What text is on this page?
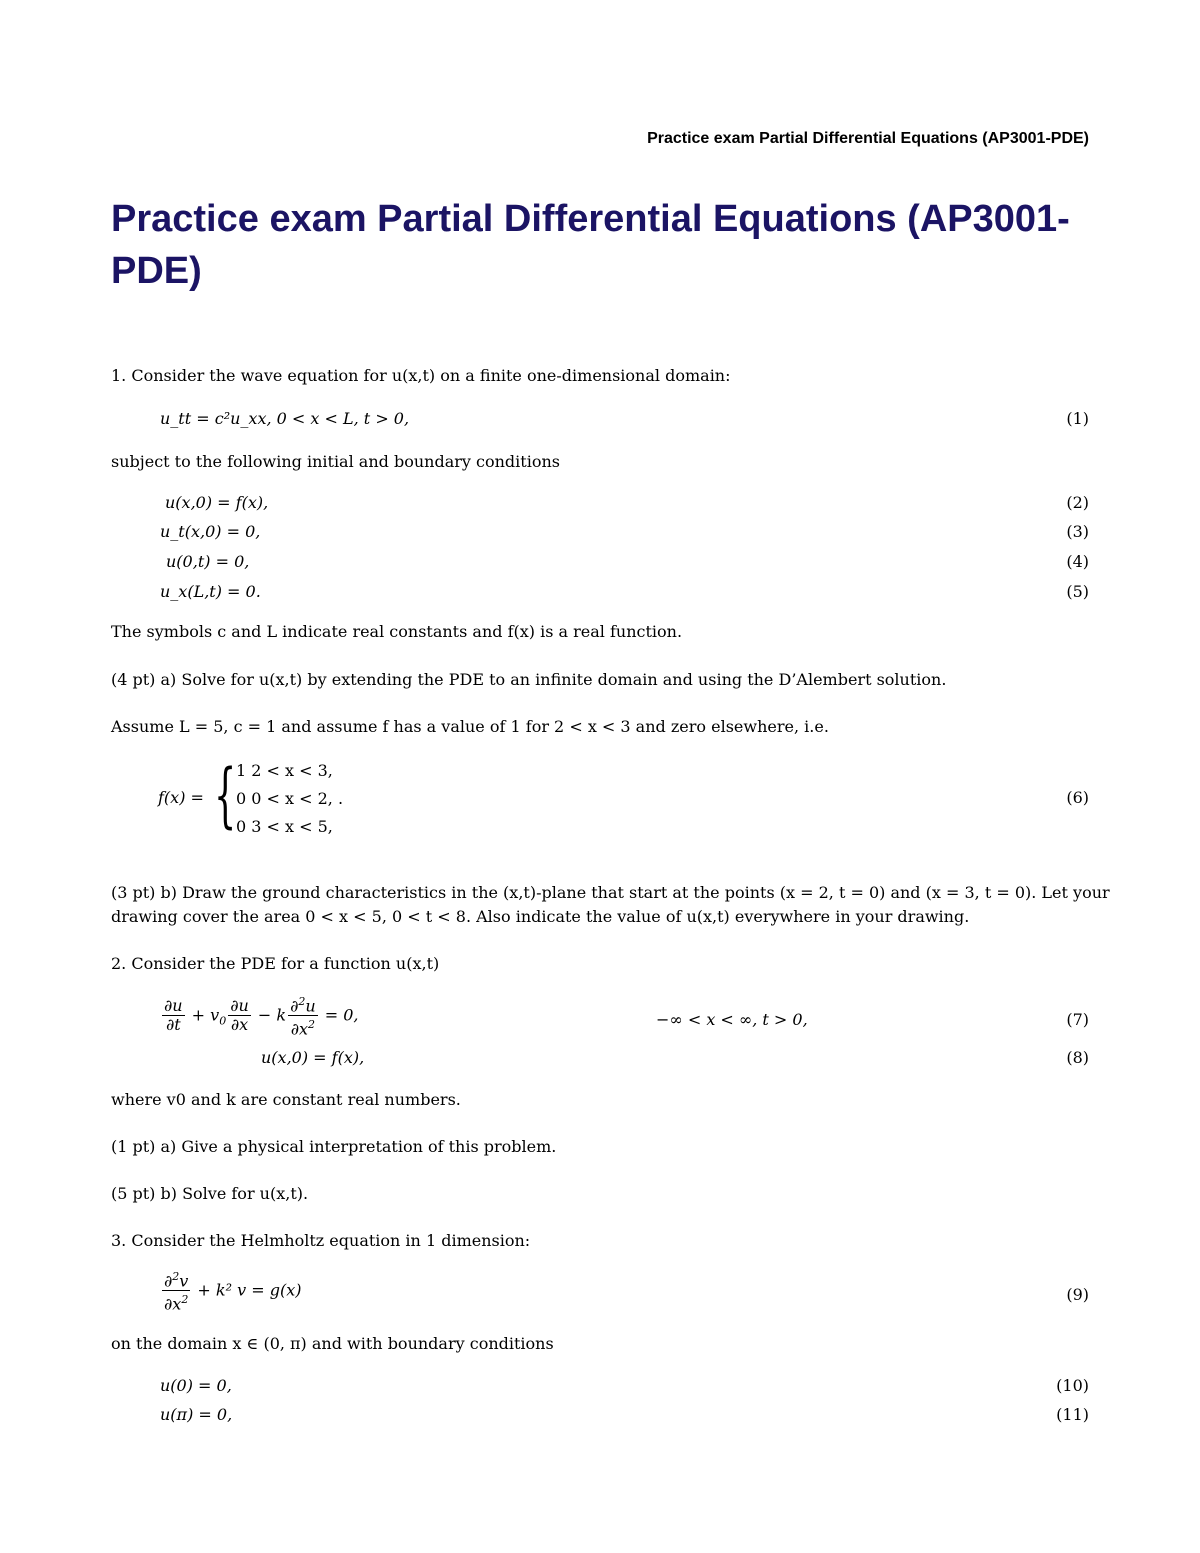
Practice exam Partial Differential Equations (AP3001-PDE)
Practice exam Partial Differential Equations (AP3001-PDE)
1. Consider the wave equation for u(x,t) on a finite one-dimensional domain:
u_tt = c²u_xx, 0 < x < L, t > 0,	(1)
subject to the following initial and boundary conditions
u(x,0) = f(x),	(2)
u_t(x,0) = 0,	(3)
u(0,t) = 0,	(4)
u_x(L,t) = 0.	(5)
The symbols c and L indicate real constants and f(x) is a real function.
(4 pt) a) Solve for u(x,t) by extending the PDE to an infinite domain and using the D’Alembert solution.
Assume L = 5, c = 1 and assume f has a value of 1 for 2 < x < 3 and zero elsewhere, i.e.
f(x) = { 1 2 < x < 3,
0 0 < x < 2, .
0 3 < x < 5,
(6)
(3 pt) b) Draw the ground characteristics in the (x,t)-plane that start at the points (x = 2, t = 0) and (x = 3, t = 0). Let your
drawing cover the area 0 < x < 5, 0 < t < 8. Also indicate the value of u(x,t) everywhere in your drawing.
2. Consider the PDE for a function u(x,t)
$\frac{\partial u}{\partial t} + v_0 \frac{\partial u}{\partial x} - k \frac{\partial^2u}{\partial x^2} = 0$,	−∞ < x < ∞, t > 0,	(7)
u(x,0) = f(x),	(8)
where v0 and k are constant real numbers.
(1 pt) a) Give a physical interpretation of this problem.
(5 pt) b) Solve for u(x,t).
3. Consider the Helmholtz equation in 1 dimension:
$\frac{\partial^2v}{\partial x^2} + k^2$ v = g(x)	(9)
on the domain x ∈ (0, π) and with boundary conditions
u(0) = 0,	(10)
u(π) = 0,	(11)
